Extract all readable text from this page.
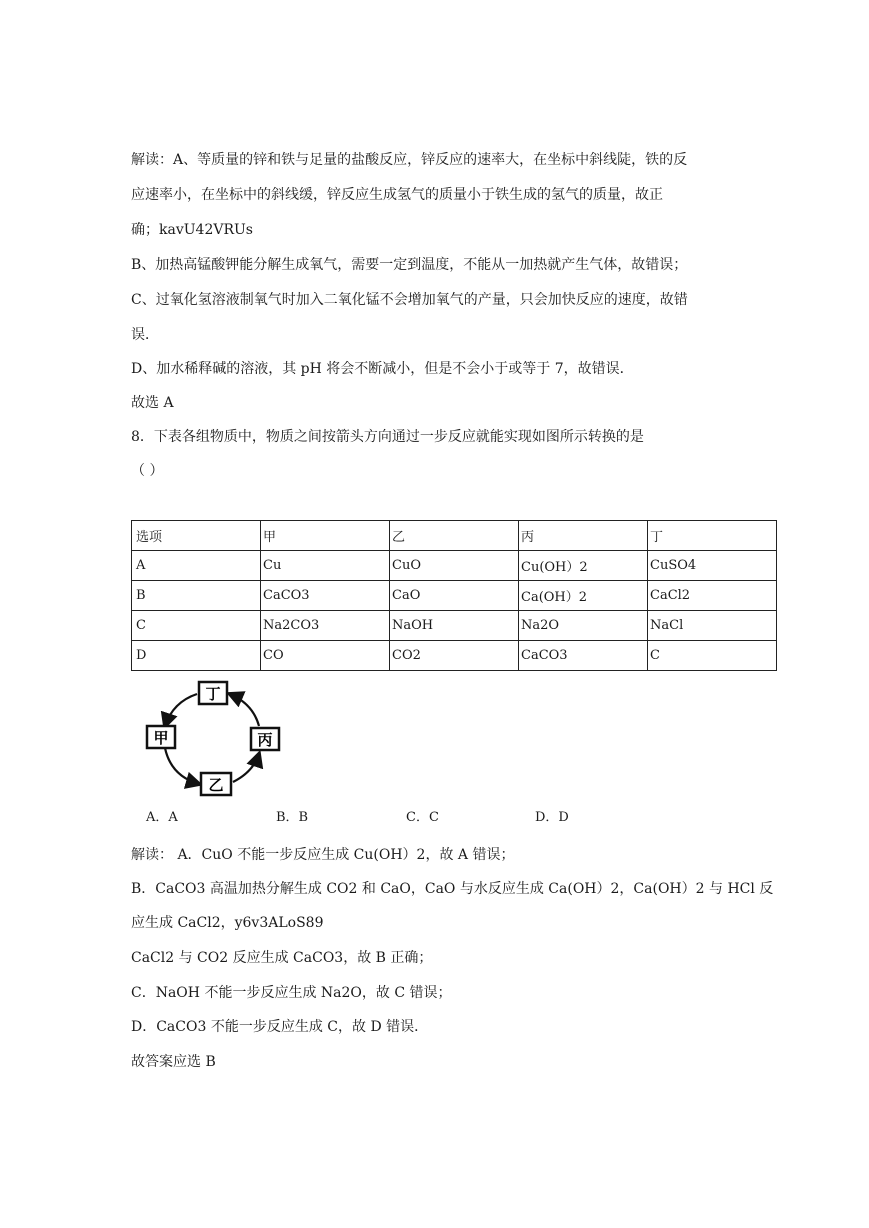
解读：A、等质量的锌和铁与足量的盐酸反应，锌反应的速率大，在坐标中斜线陡，铁的反
应速率小，在坐标中的斜线缓，锌反应生成氢气的质量小于铁生成的氢气的质量，故正
确；kavU42VRUs
B、加热高锰酸钾能分解生成氧气，需要一定到温度，不能从一加热就产生气体，故错误；
C、过氧化氢溶液制氧气时加入二氧化锰不会增加氧气的产量，只会加快反应的速度，故错
误．
D、加水稀释碱的溶液，其 pH 将会不断减小，但是不会小于或等于 7，故错误．
故选 A
8．下表各组物质中，物质之间按箭头方向通过一步反应就能实现如图所示转换的是
（ ）
选项	甲	乙	丙	丁
A	Cu	CuO	Cu(OH）2	CuSO4
B	CaCO3	CaO	Ca(OH）2	CaCl2
C	Na2CO3	NaOH	Na2O	NaCl
D	CO	CO2	CaCO3	C
丁
甲	丙
乙
A．A	B．B	C．C	D．D
解读： A．CuO 不能一步反应生成 Cu(OH）2，故 A 错误；
B．CaCO3 高温加热分解生成 CO2 和 CaO，CaO 与水反应生成 Ca(OH）2，Ca(OH）2 与 HCl 反
应生成 CaCl2，y6v3ALoS89
CaCl2 与 CO2 反应生成 CaCO3，故 B 正确；
C．NaOH 不能一步反应生成 Na2O，故 C 错误；
D．CaCO3 不能一步反应生成 C，故 D 错误．
故答案应选 B
